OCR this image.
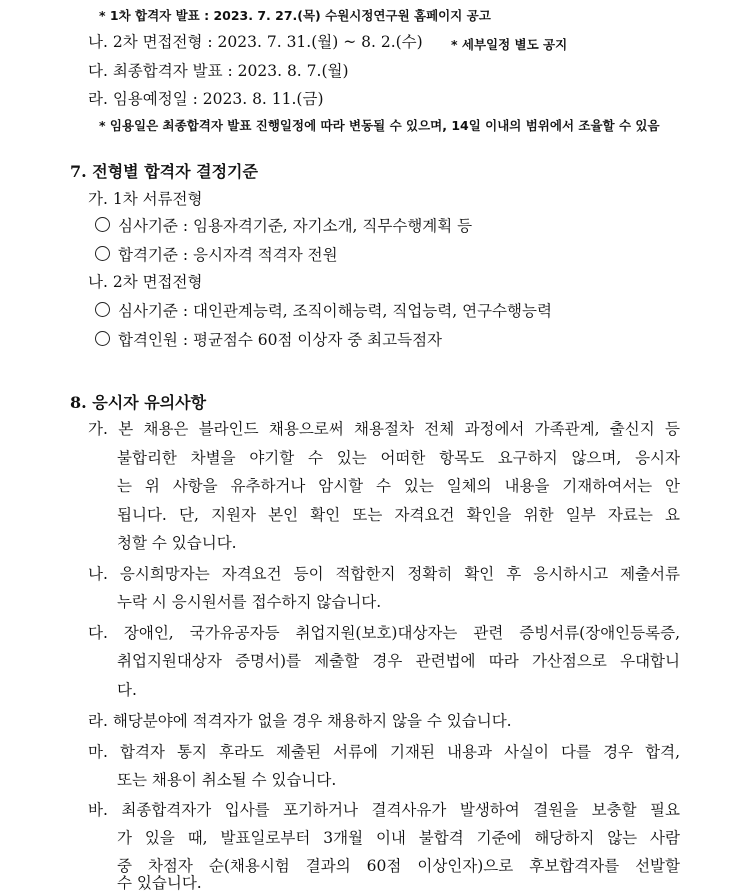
* 1차 합격자 발표 : 2023. 7. 27.(목) 수원시정연구원 홈페이지 공고
나. 2차 면접전형 : 2023. 7. 31.(월) ~ 8. 2.(수) * 세부일정 별도 공지
다. 최종합격자 발표 : 2023. 8. 7.(월)
라. 임용예정일 : 2023. 8. 11.(금)
* 임용일은 최종합격자 발표 진행일정에 따라 변동될 수 있으며, 14일 이내의 범위에서 조율할 수 있음
7. 전형별 합격자 결정기준
가. 1차 서류전형
심사기준 : 임용자격기준, 자기소개, 직무수행계획 등
합격기준 : 응시자격 적격자 전원
나. 2차 면접전형
심사기준 : 대인관계능력, 조직이해능력, 직업능력, 연구수행능력
합격인원 : 평균점수 60점 이상자 중 최고득점자
8. 응시자 유의사항
가. 본 채용은 블라인드 채용으로써 채용절차 전체 과정에서 가족관계, 출신지 등
불합리한 차별을 야기할 수 있는 어떠한 항목도 요구하지 않으며, 응시자
는 위 사항을 유추하거나 암시할 수 있는 일체의 내용을 기재하여서는 안
됩니다. 단, 지원자 본인 확인 또는 자격요건 확인을 위한 일부 자료는 요
청할 수 있습니다.
나. 응시희망자는 자격요건 등이 적합한지 정확히 확인 후 응시하시고 제출서류
누락 시 응시원서를 접수하지 않습니다.
다. 장애인, 국가유공자등 취업지원(보호)대상자는 관련 증빙서류(장애인등록증,
취업지원대상자 증명서)를 제출할 경우 관련법에 따라 가산점으로 우대합니
다.
라. 해당분야에 적격자가 없을 경우 채용하지 않을 수 있습니다.
마. 합격자 통지 후라도 제출된 서류에 기재된 내용과 사실이 다를 경우 합격,
또는 채용이 취소될 수 있습니다.
바. 최종합격자가 입사를 포기하거나 결격사유가 발생하여 결원을 보충할 필요
가 있을 때, 발표일로부터 3개월 이내 불합격 기준에 해당하지 않는 사람
중 차점자 순(채용시험 결과의 60점 이상인자)으로 후보합격자를 선발할
수 있습니다.
